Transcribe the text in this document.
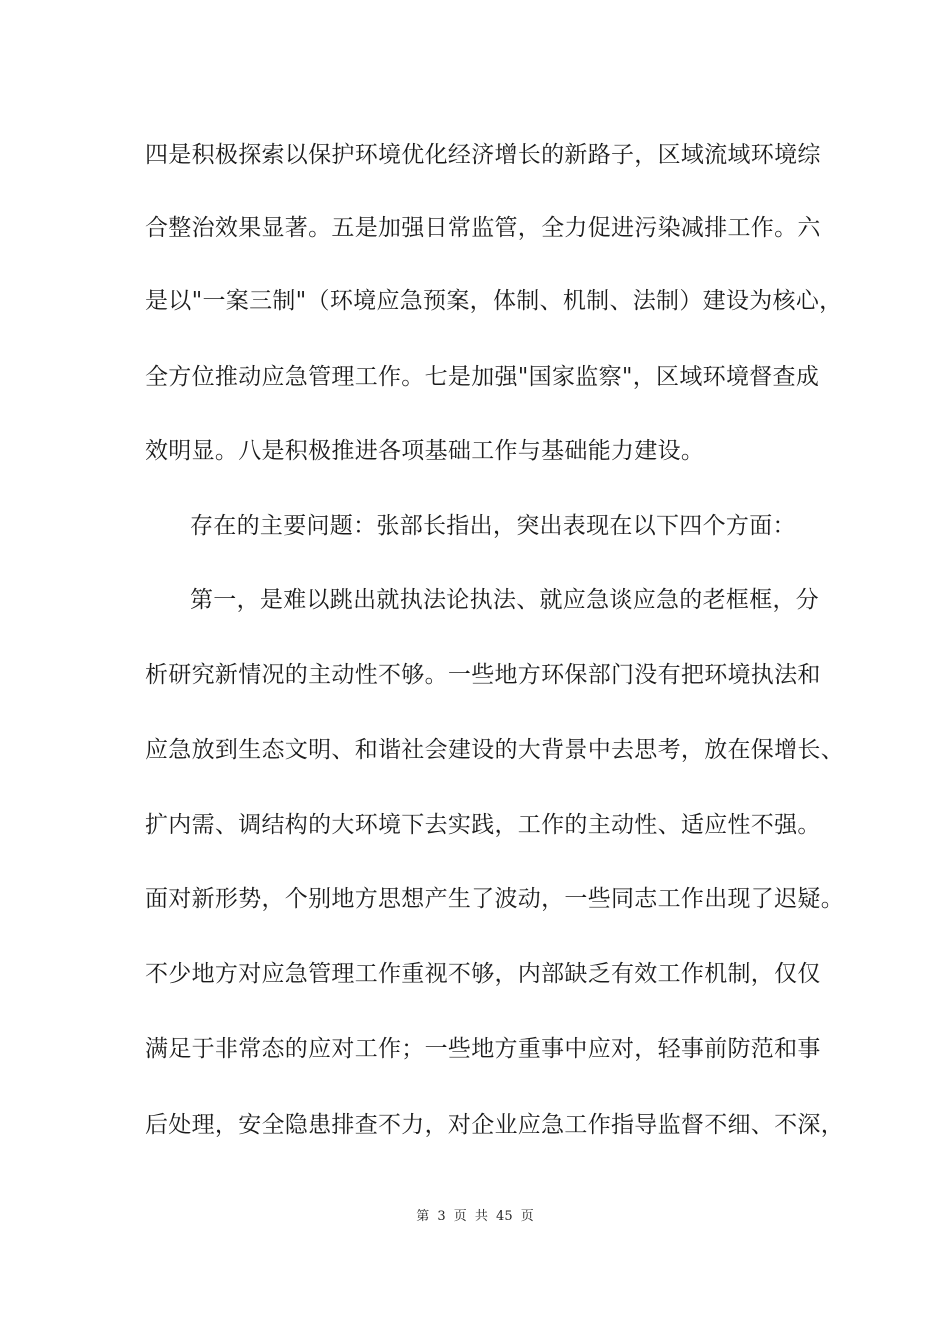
四是积极探索以保护环境优化经济增长的新路子，区域流域环境综
合整治效果显著。五是加强日常监管，全力促进污染减排工作。六
是以"一案三制"（环境应急预案，体制、机制、法制）建设为核心，
全方位推动应急管理工作。七是加强"国家监察"，区域环境督查成
效明显。八是积极推进各项基础工作与基础能力建设。
存在的主要问题：张部长指出，突出表现在以下四个方面：
第一，是难以跳出就执法论执法、就应急谈应急的老框框，分
析研究新情况的主动性不够。一些地方环保部门没有把环境执法和
应急放到生态文明、和谐社会建设的大背景中去思考，放在保增长、
扩内需、调结构的大环境下去实践，工作的主动性、适应性不强。
面对新形势，个别地方思想产生了波动，一些同志工作出现了迟疑。
不少地方对应急管理工作重视不够，内部缺乏有效工作机制，仅仅
满足于非常态的应对工作；一些地方重事中应对，轻事前防范和事
后处理，安全隐患排查不力，对企业应急工作指导监督不细、不深，
第 3 页 共 45 页
